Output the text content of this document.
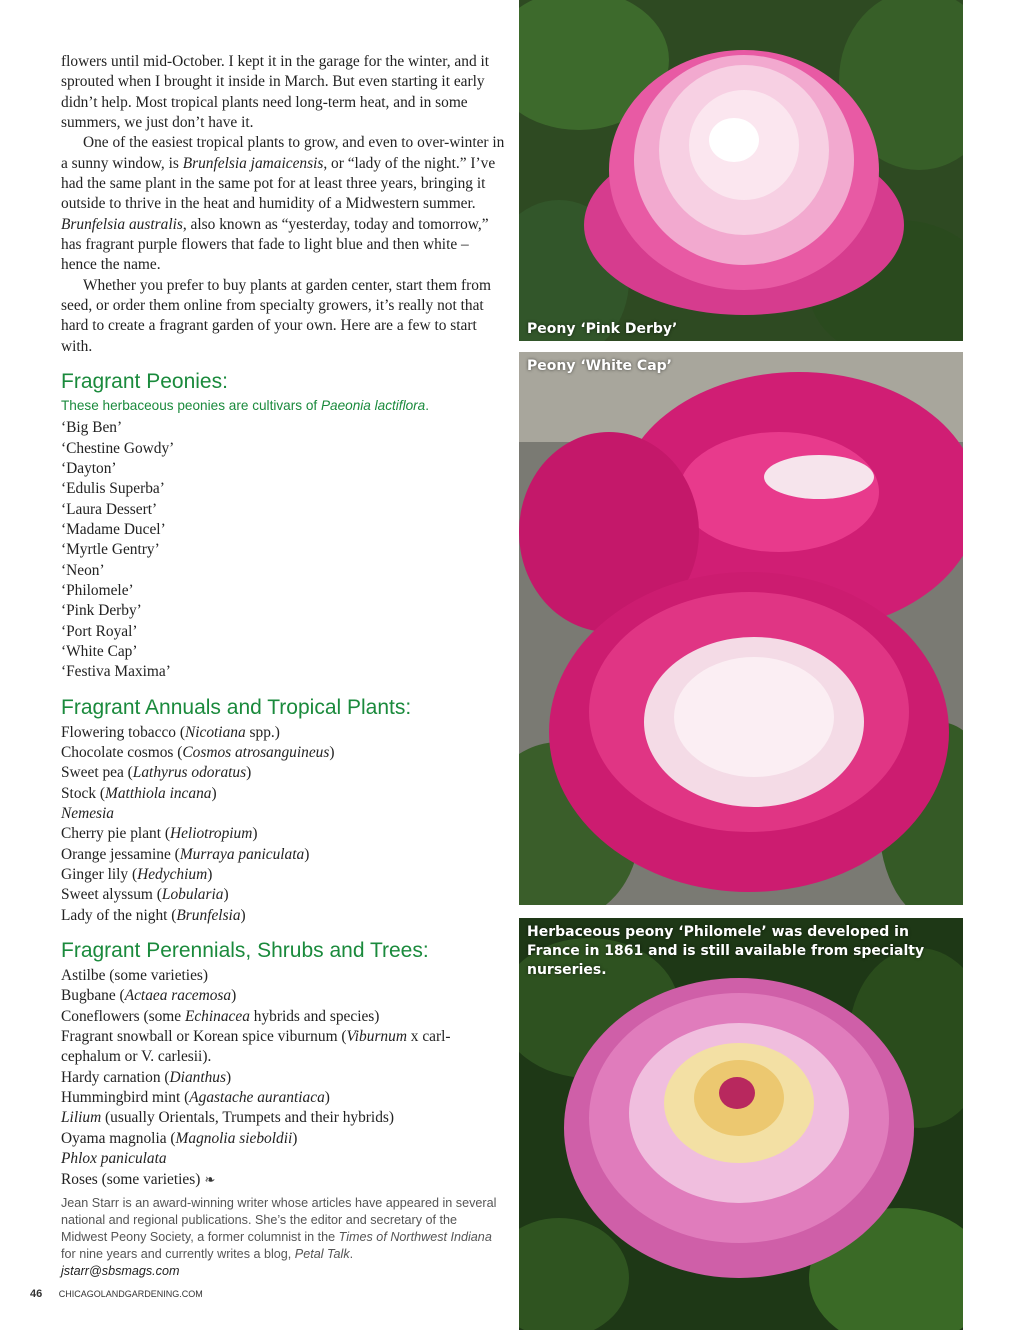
flowers until mid-October. I kept it in the garage for the winter, and it sprouted when I brought it inside in March. But even starting it early didn’t help. Most tropical plants need long-term heat, and in some summers, we just don’t have it.

One of the easiest tropical plants to grow, and even to over-winter in a sunny window, is Brunfelsia jamaicensis, or “lady of the night.” I’ve had the same plant in the same pot for at least three years, bringing it outside to thrive in the heat and humidity of a Midwestern summer. Brunfelsia australis, also known as “yesterday, today and tomorrow,” has fragrant purple flowers that fade to light blue and then white – hence the name.

Whether you prefer to buy plants at garden center, start them from seed, or order them online from specialty growers, it’s really not that hard to create a fragrant garden of your own. Here are a few to start with.

Fragrant Peonies:

These herbaceous peonies are cultivars of Paeonia lactiflora.

‘Big Ben’
‘Chestine Gowdy’
‘Dayton’
‘Edulis Superba’
‘Laura Dessert’
‘Madame Ducel’
‘Myrtle Gentry’
‘Neon’
‘Philomele’
‘Pink Derby’
‘Port Royal’
‘White Cap’
‘Festiva Maxima’
Fragrant Annuals and Tropical Plants:
Flowering tobacco (Nicotiana spp.)
Chocolate cosmos (Cosmos atrosanguineus)
Sweet pea (Lathyrus odoratus)
Stock (Matthiola incana)
Nemesia
Cherry pie plant (Heliotropium)
Orange jessamine (Murraya paniculata)
Ginger lily (Hedychium)
Sweet alyssum (Lobularia)
Lady of the night (Brunfelsia)
Fragrant Perennials, Shrubs and Trees:
Astilbe (some varieties)
Bugbane (Actaea racemosa)
Coneflowers (some Echinacea hybrids and species)
Fragrant snowball or Korean spice viburnum (Viburnum x carl-cephalum or V. carlesii).
Hardy carnation (Dianthus)
Hummingbird mint (Agastache aurantiaca)
Lilium (usually Orientals, Trumpets and their hybrids)
Oyama magnolia (Magnolia sieboldii)
Phlox paniculata
Roses (some varieties) ❧
Jean Starr is an award-winning writer whose articles have appeared in several national and regional publications. She’s the editor and secretary of the Midwest Peony Society, a former columnist in the Times of Northwest Indiana for nine years and currently writes a blog, Petal Talk.
jstarr@sbsmags.com
46 CHICAGOLANDGARDENING.COM
Peony ‘Pink Derby’
Peony ‘White Cap’
Herbaceous peony ‘Philomele’ was developed in France in 1861 and is still available from specialty nurseries.
